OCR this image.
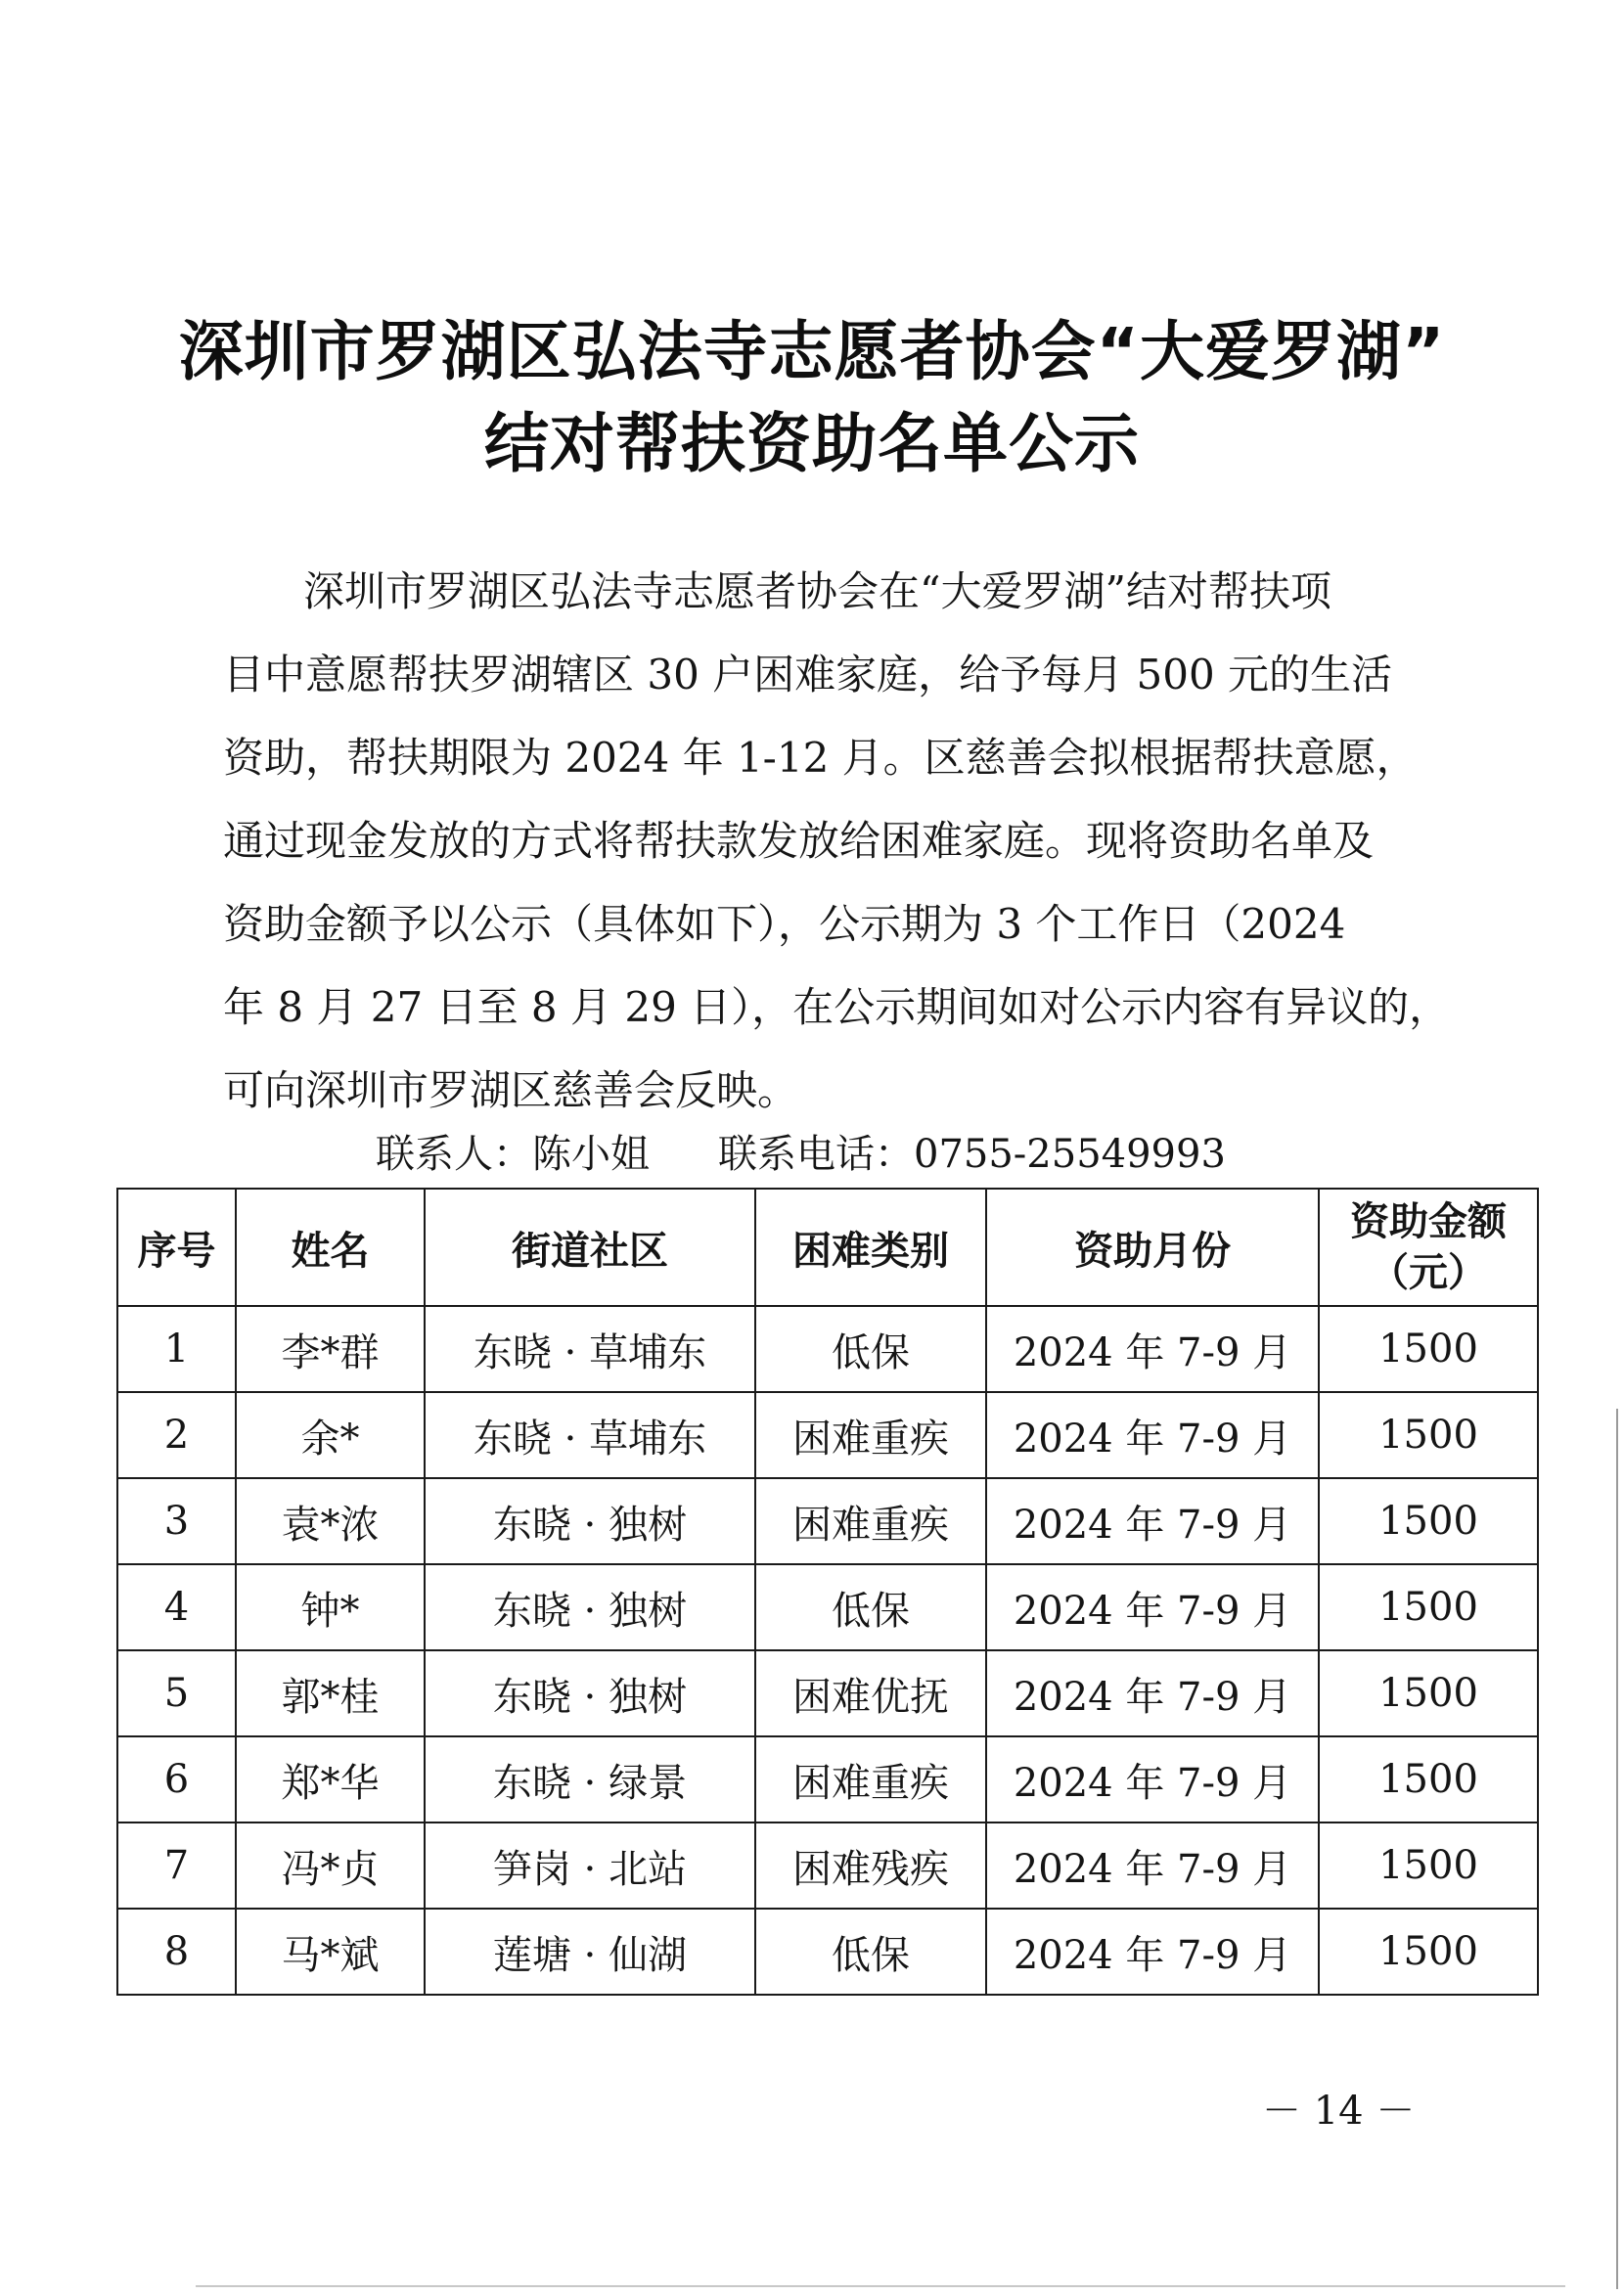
深圳市罗湖区弘法寺志愿者协会“大爱罗湖”
结对帮扶资助名单公示
深圳市罗湖区弘法寺志愿者协会在“大爱罗湖”结对帮扶项
目中意愿帮扶罗湖辖区 30 户困难家庭，给予每月 500 元的生活
资助，帮扶期限为 2024 年 1-12 月。区慈善会拟根据帮扶意愿，
通过现金发放的方式将帮扶款发放给困难家庭。现将资助名单及
资助金额予以公示（具体如下），公示期为 3 个工作日（2024
年 8 月 27 日至 8 月 29 日），在公示期间如对公示内容有异议的，
可向深圳市罗湖区慈善会反映。
联系人：陈小姐 联系电话：0755-25549993
序号	姓名	街道社区	困难类别	资助月份	资助金额
（元）

1	李*群	东晓 · 草埔东	低保	2024 年 7-9 月	1500
2	余*	东晓 · 草埔东	困难重疾	2024 年 7-9 月	1500
3	袁*浓	东晓 · 独树	困难重疾	2024 年 7-9 月	1500
4	钟*	东晓 · 独树	低保	2024 年 7-9 月	1500
5	郭*桂	东晓 · 独树	困难优抚	2024 年 7-9 月	1500
6	郑*华	东晓 · 绿景	困难重疾	2024 年 7-9 月	1500
7	冯*贞	笋岗 · 北站	困难残疾	2024 年 7-9 月	1500
8	马*斌	莲塘 · 仙湖	低保	2024 年 7-9 月	1500
－ 14 －
